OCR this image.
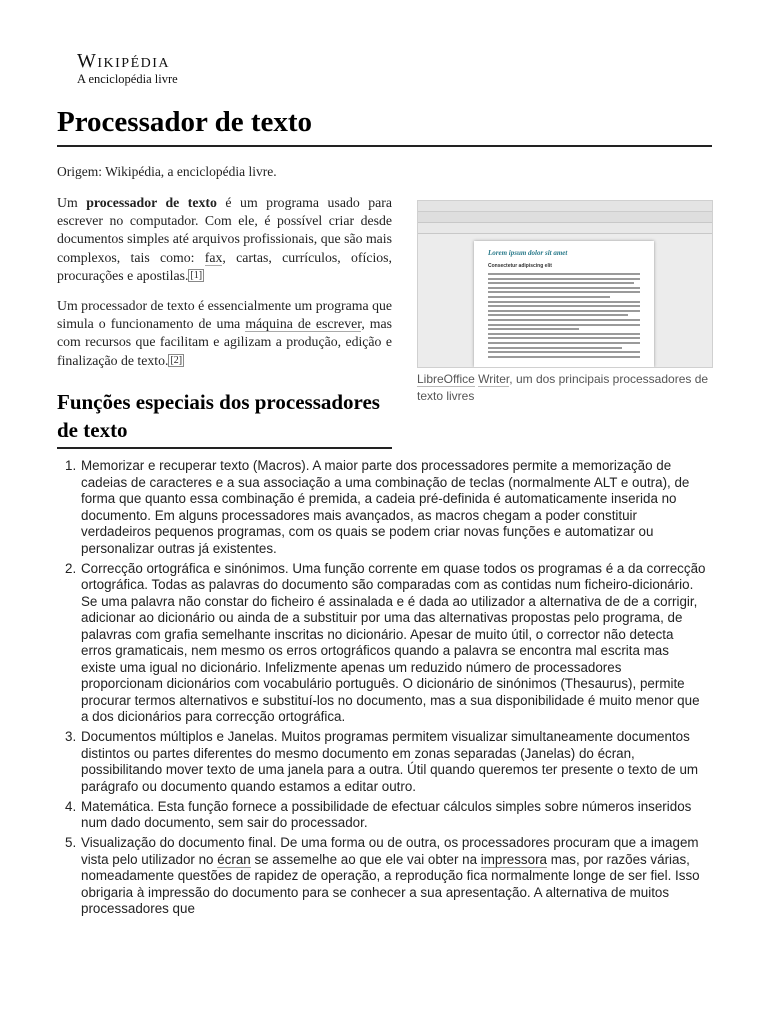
Wikipédia
A enciclopédia livre
Processador de texto
Origem: Wikipédia, a enciclopédia livre.

Um processador de texto é um programa usado para escrever no computador. Com ele, é possível criar desde documentos simples até arquivos profissionais, que são mais complexos, tais como: fax, cartas, currículos, ofícios, procurações e apostilas. [1]

Um processador de texto é essencialmente um programa que simula o funcionamento de uma máquina de escrever, mas com recursos que facilitam e agilizam a produção, edição e finalização de texto. [2]

Lorem ipsum dolor sit amet
Consectetur adipiscing elit
LibreOffice Writer, um dos principais processadores de texto livres
Funções especiais dos processadores de texto
1. Memorizar e recuperar texto (Macros). A maior parte dos processadores permite a memorização de cadeias de caracteres e a sua associação a uma combinação de teclas (normalmente ALT e outra), de forma que quanto essa combinação é premida, a cadeia pré-definida é automaticamente inserida no documento. Em alguns processadores mais avançados, as macros chegam a poder constituir verdadeiros pequenos programas, com os quais se podem criar novas funções e automatizar ou personalizar outras já existentes.
2. Correcção ortográfica e sinónimos. Uma função corrente em quase todos os programas é a da correcção ortográfica. Todas as palavras do documento são comparadas com as contidas num ficheiro-dicionário. Se uma palavra não constar do ficheiro é assinalada e é dada ao utilizador a alternativa de de a corrigir, adicionar ao dicionário ou ainda de a substituir por uma das alternativas propostas pelo programa, de palavras com grafia semelhante inscritas no dicionário. Apesar de muito útil, o corrector não detecta erros gramaticais, nem mesmo os erros ortográficos quando a palavra se encontra mal escrita mas existe uma igual no dicionário. Infelizmente apenas um reduzido número de processadores proporcionam dicionários com vocabulário português. O dicionário de sinónimos (Thesaurus), permite procurar termos alternativos e substituí-los no documento, mas a sua disponibilidade é muito menor que a dos dicionários para correcção ortográfica.
3. Documentos múltiplos e Janelas. Muitos programas permitem visualizar simultaneamente documentos distintos ou partes diferentes do mesmo documento em zonas separadas (Janelas) do écran, possibilitando mover texto de uma janela para a outra. Útil quando queremos ter presente o texto de um parágrafo ou documento quando estamos a editar outro.
4. Matemática. Esta função fornece a possibilidade de efectuar cálculos simples sobre números inseridos num dado documento, sem sair do processador.
5. Visualização do documento final. De uma forma ou de outra, os processadores procuram que a imagem vista pelo utilizador no écran se assemelhe ao que ele vai obter na impressora mas, por razões várias, nomeadamente questões de rapidez de operação, a reprodução fica normalmente longe de ser fiel. Isso obrigaria à impressão do documento para se conhecer a sua apresentação. A alternativa de muitos processadores que
